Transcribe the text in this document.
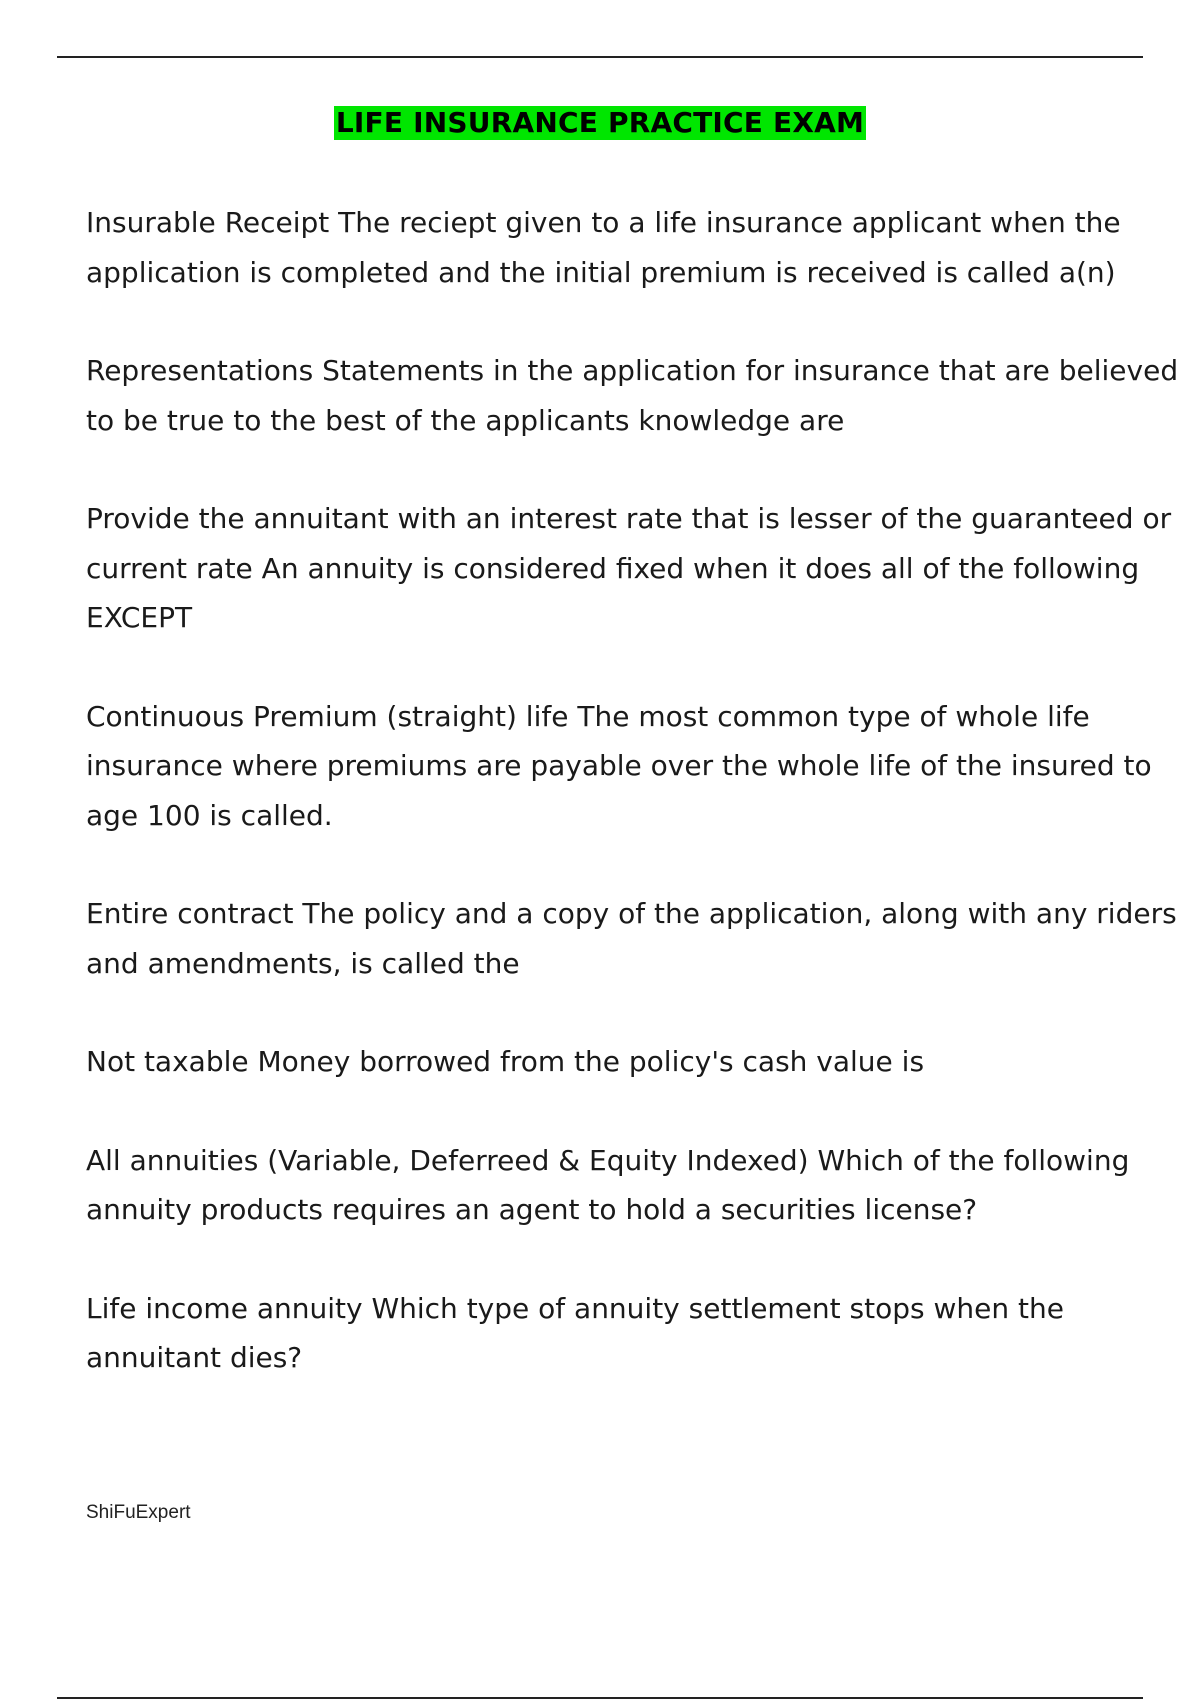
LIFE INSURANCE PRACTICE EXAM

Insurable Receipt The reciept given to a life insurance applicant when the application is completed and the initial premium is received is called a(n)

Representations Statements in the application for insurance that are believed to be true to the best of the applicants knowledge are

Provide the annuitant with an interest rate that is lesser of the guaranteed or current rate An annuity is considered fixed when it does all of the following EXCEPT

Continuous Premium (straight) life The most common type of whole life insurance where premiums are payable over the whole life of the insured to age 100 is called.

Entire contract The policy and a copy of the application, along with any riders and amendments, is called the

Not taxable Money borrowed from the policy's cash value is

All annuities (Variable, Deferreed & Equity Indexed) Which of the following annuity products requires an agent to hold a securities license?

Life income annuity Which type of annuity settlement stops when the annuitant dies?

ShiFuExpert
